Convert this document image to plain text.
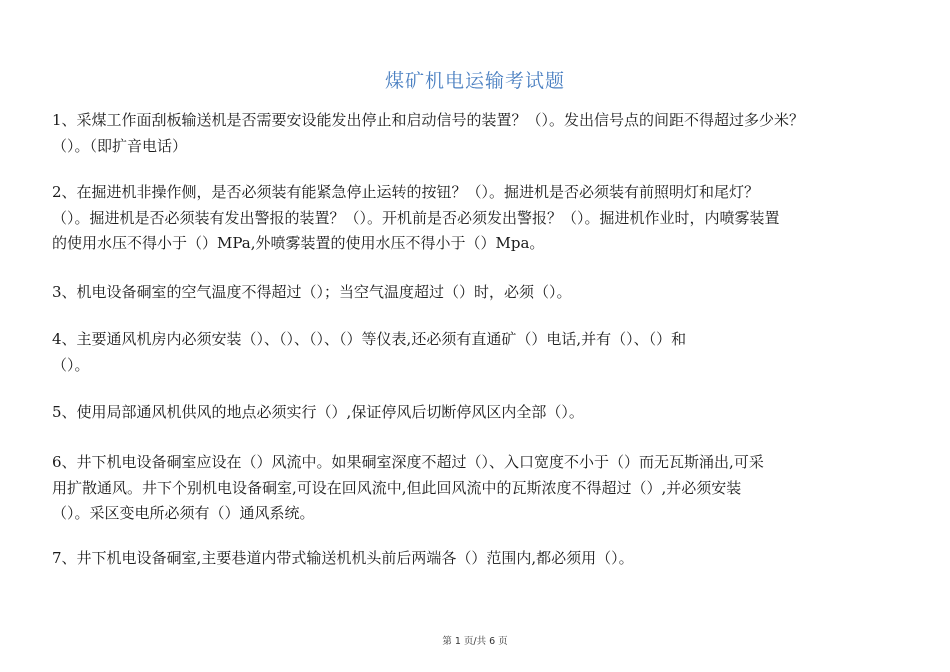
煤矿机电运输考试题

1、采煤工作面刮板输送机是否需要安设能发出停止和启动信号的装置？（）。发出信号点的间距不得超过多少米？

（）。（即扩音电话）

2、在掘进机非操作侧，是否必须装有能紧急停止运转的按钮？（）。掘进机是否必须装有前照明灯和尾灯？

（）。掘进机是否必须装有发出警报的装置？（）。开机前是否必须发出警报？（）。掘进机作业时，内喷雾装置

的使用水压不得小于（）MPa,外喷雾装置的使用水压不得小于（）Mpa。

3、机电设备硐室的空气温度不得超过（）；当空气温度超过（）时，必须（）。

4、主要通风机房内必须安装（）、（）、（）、（）等仪表,还必须有直通矿（）电话,并有（）、（）和

（）。

5、使用局部通风机供风的地点必须实行（）,保证停风后切断停风区内全部（）。

6、井下机电设备硐室应设在（）风流中。如果硐室深度不超过（）、入口宽度不小于（）而无瓦斯涌出,可采

用扩散通风。井下个别机电设备硐室,可设在回风流中,但此回风流中的瓦斯浓度不得超过（）,并必须安装

（）。采区变电所必须有（）通风系统。

7、井下机电设备硐室,主要巷道内带式输送机机头前后两端各（）范围内,都必须用（）。

第 1 页/共 6 页
